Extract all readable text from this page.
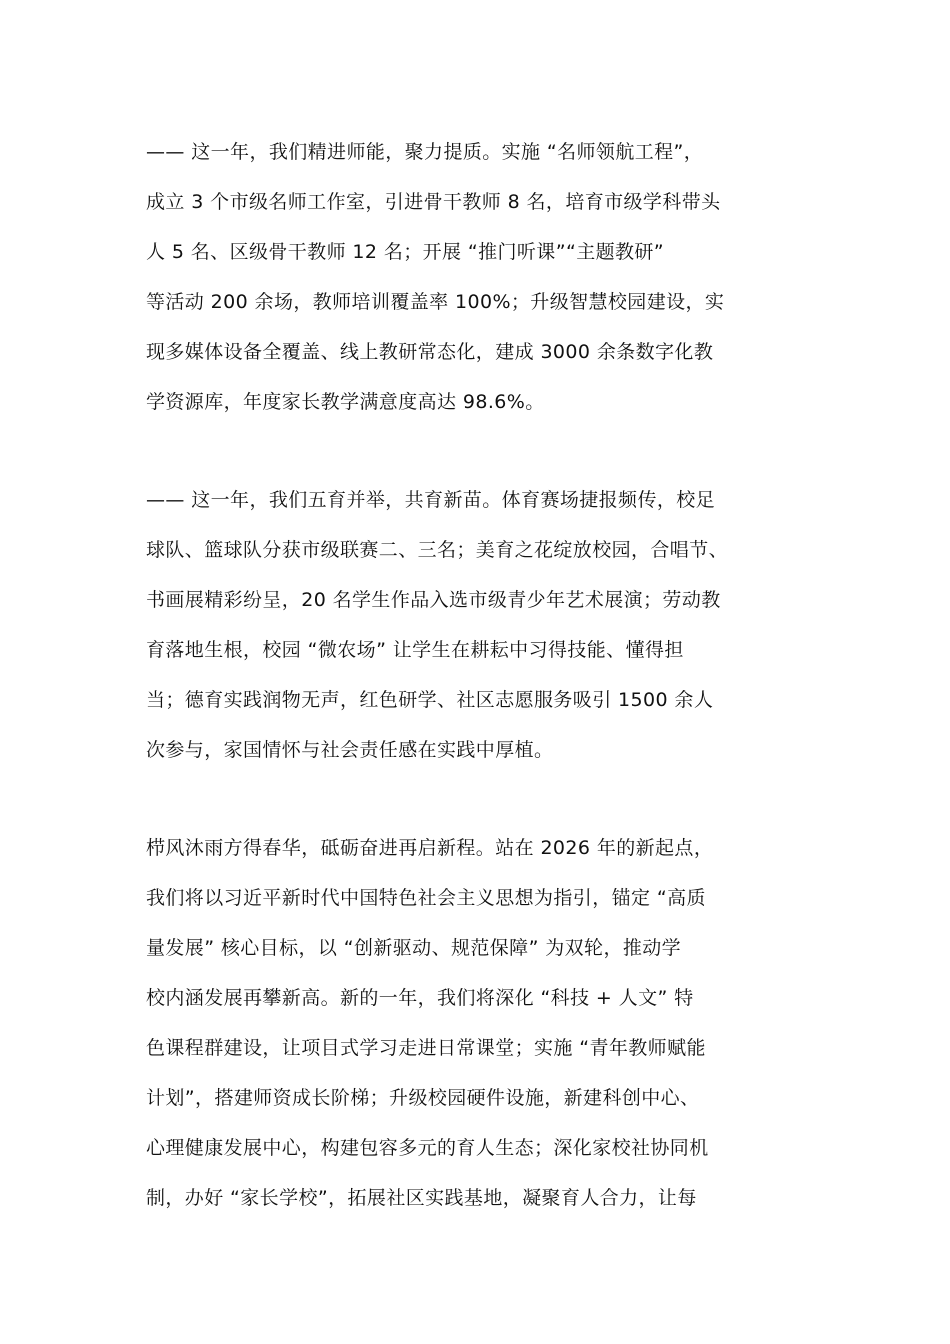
—— 这一年，我们精进师能，聚力提质。实施 “名师领航工程”，
成立 3 个市级名师工作室，引进骨干教师 8 名，培育市级学科带头
人 5 名、区级骨干教师 12 名；开展 “推门听课”“主题教研”
等活动 200 余场，教师培训覆盖率 100%；升级智慧校园建设，实
现多媒体设备全覆盖、线上教研常态化，建成 3000 余条数字化教
学资源库，年度家长教学满意度高达 98.6%。
—— 这一年，我们五育并举，共育新苗。体育赛场捷报频传，校足
球队、篮球队分获市级联赛二、三名；美育之花绽放校园，合唱节、
书画展精彩纷呈，20 名学生作品入选市级青少年艺术展演；劳动教
育落地生根，校园 “微农场” 让学生在耕耘中习得技能、懂得担
当；德育实践润物无声，红色研学、社区志愿服务吸引 1500 余人
次参与，家国情怀与社会责任感在实践中厚植。
栉风沐雨方得春华，砥砺奋进再启新程。站在 2026 年的新起点，
我们将以习近平新时代中国特色社会主义思想为指引，锚定 “高质
量发展” 核心目标，以 “创新驱动、规范保障” 为双轮，推动学
校内涵发展再攀新高。新的一年，我们将深化 “科技 + 人文” 特
色课程群建设，让项目式学习走进日常课堂；实施 “青年教师赋能
计划”，搭建师资成长阶梯；升级校园硬件设施，新建科创中心、
心理健康发展中心，构建包容多元的育人生态；深化家校社协同机
制，办好 “家长学校”，拓展社区实践基地，凝聚育人合力，让每
